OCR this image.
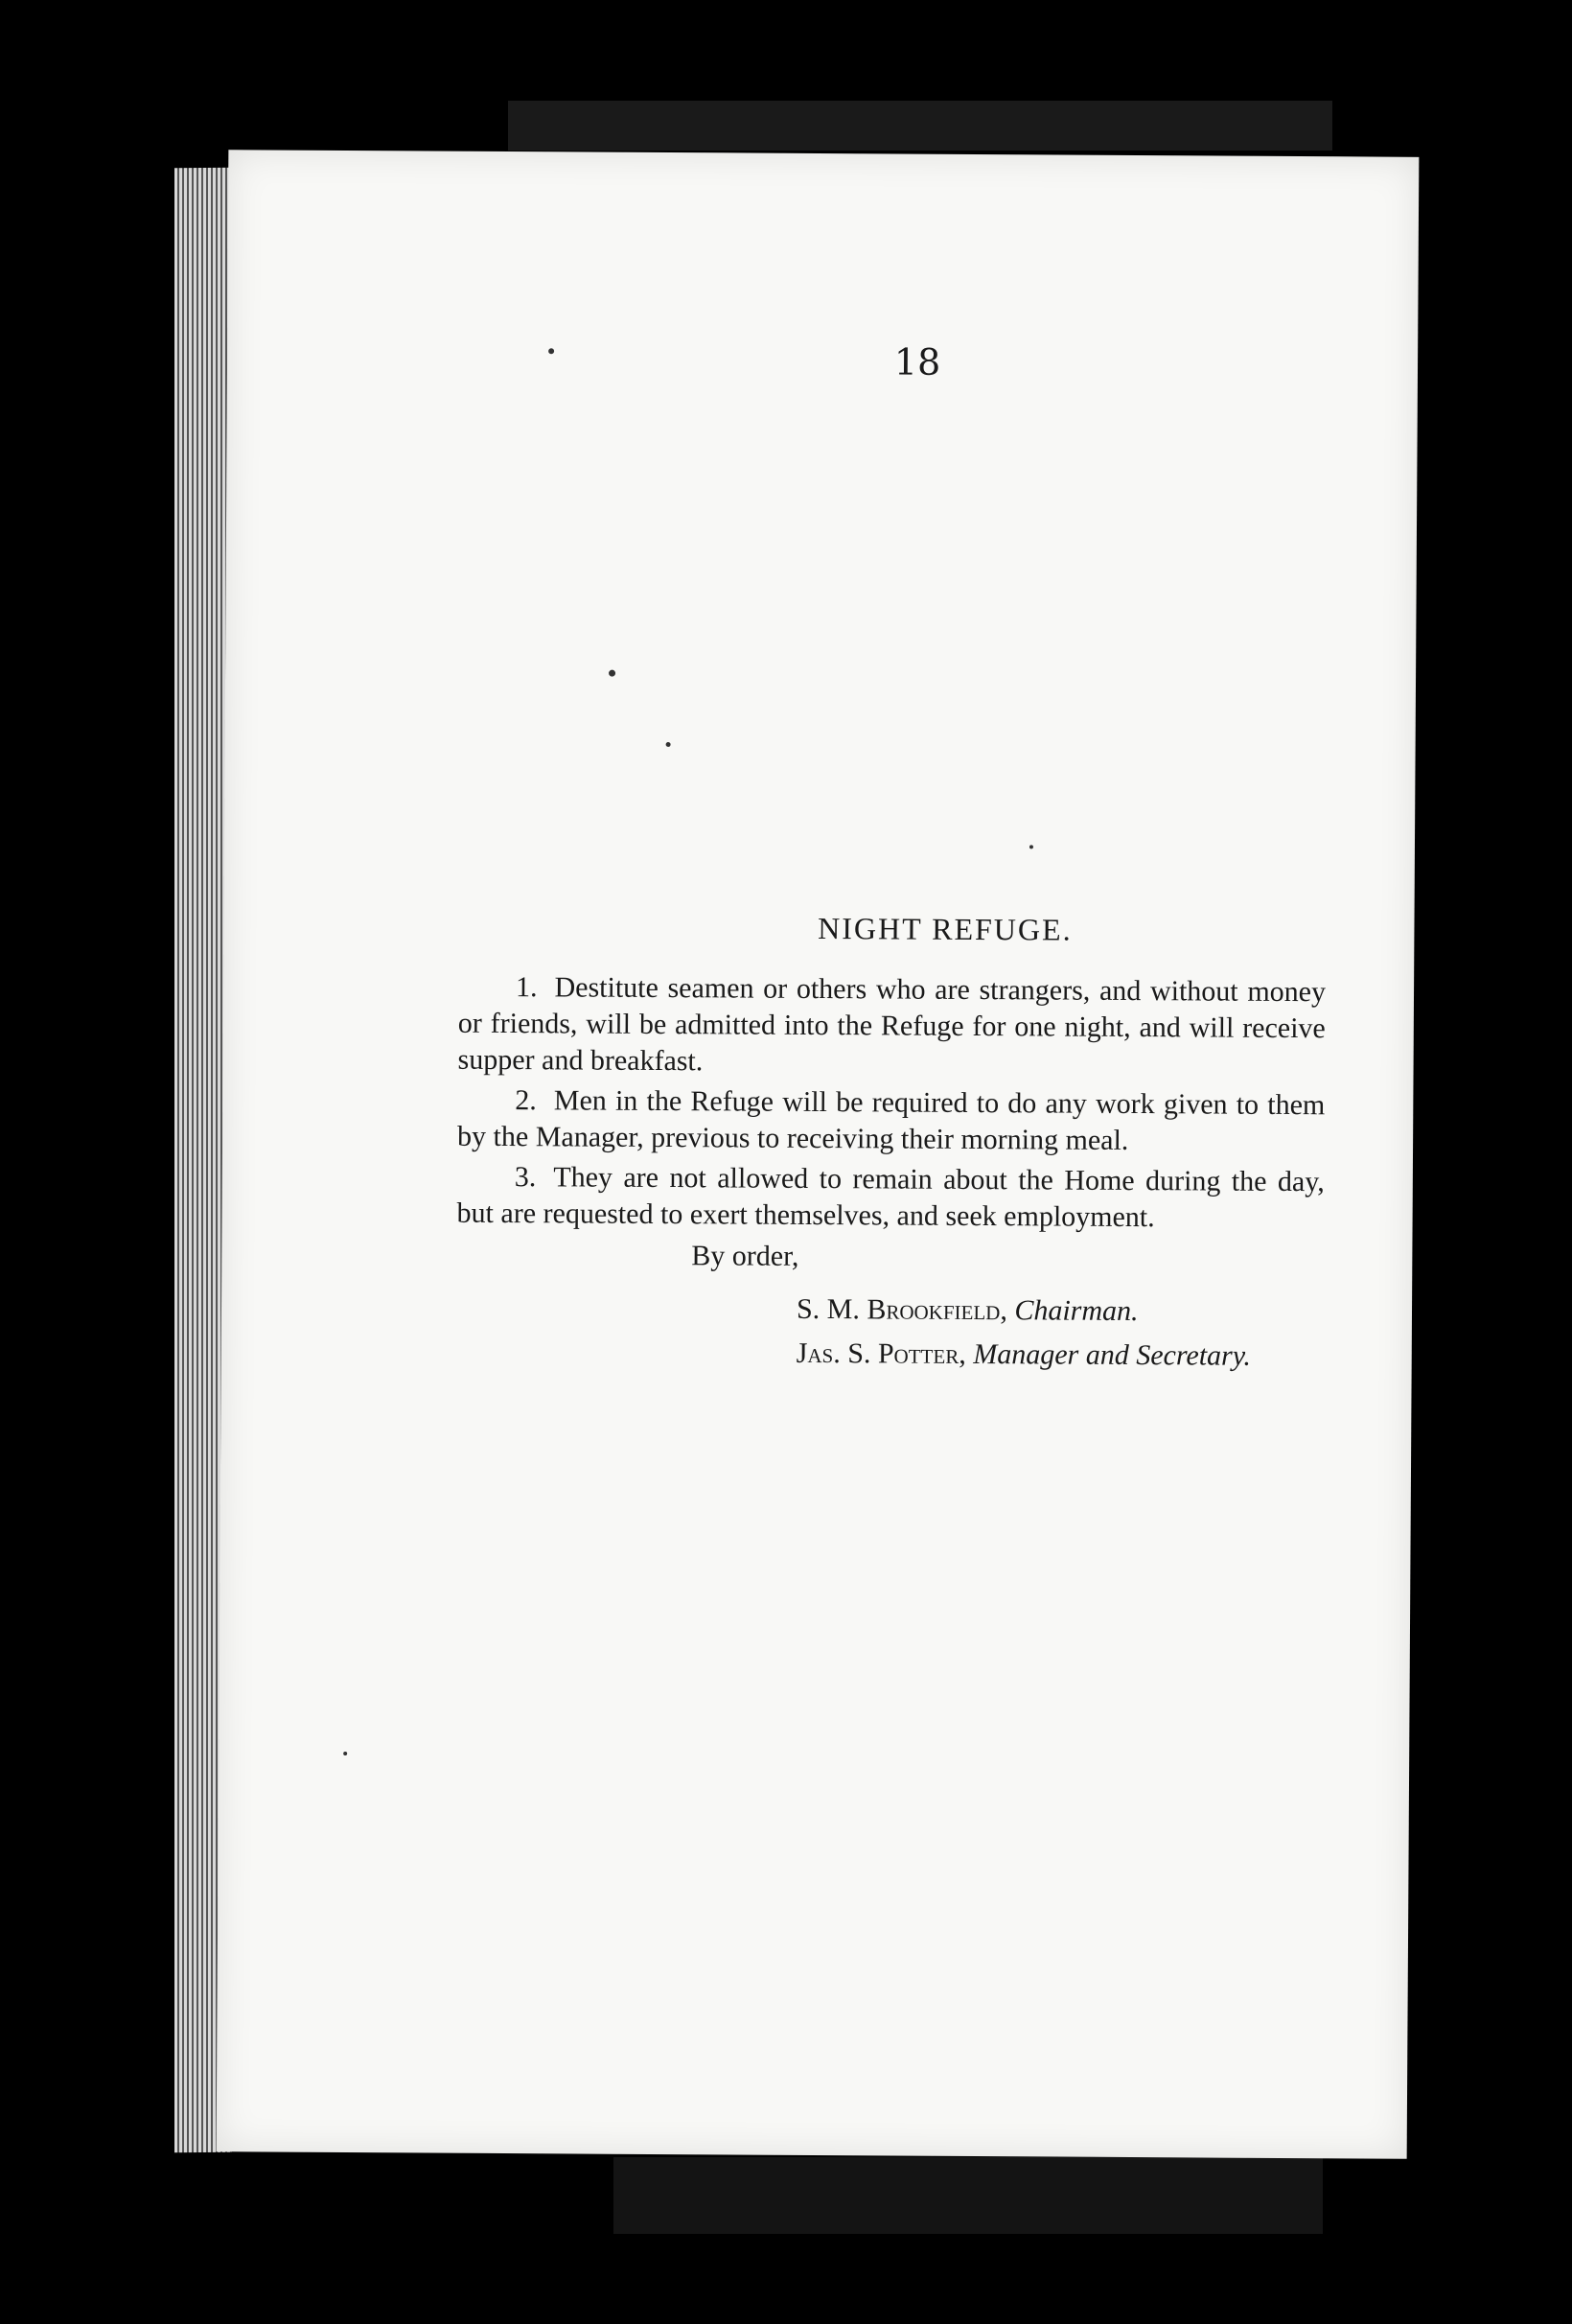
18
NIGHT REFUGE.

1. Destitute seamen or others who are strangers, and without money or friends, will be admitted into the Refuge for one night, and will receive supper and breakfast.

2. Men in the Refuge will be required to do any work given to them by the Manager, previous to receiving their morning meal.

3. They are not allowed to remain about the Home during the day, but are requested to exert themselves, and seek employment.

By order,
S. M. Brookfield, Chairman.
Jas. S. Potter, Manager and Secretary.
